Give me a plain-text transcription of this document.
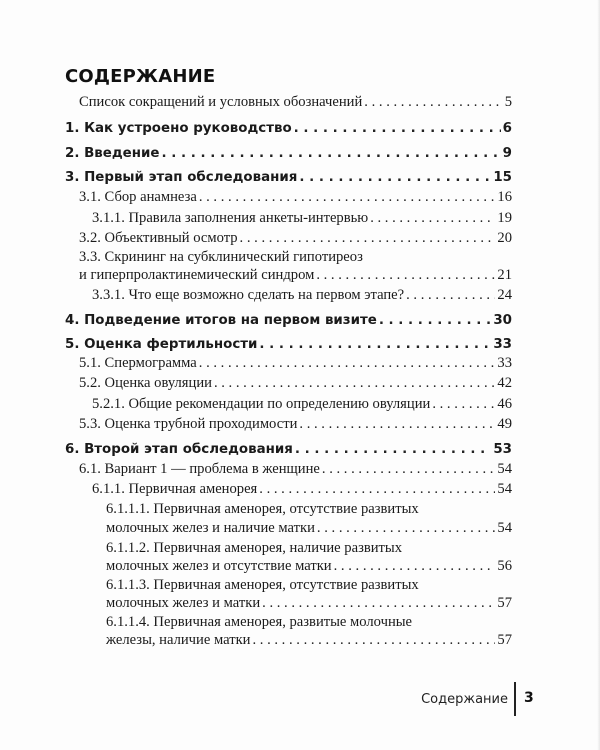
СОДЕРЖАНИЕ
Список сокращений и условных обозначений . . .	5
1. Как устроено руководство . . .	6
2. Введение . . .	9
3. Первый этап обследования . . .	15
3.1. Сбор анамнеза . . .	16
3.1.1. Правила заполнения анкеты-интервью . . .	19
3.2. Объективный осмотр . . .	20
3.3. Скрининг на субклинический гипотиреоз
и гиперпролактинемический синдром . . .	21
3.3.1. Что еще возможно сделать на первом этапе? . . .	24
4. Подведение итогов на первом визите . . .	30
5. Оценка фертильности . . .	33
5.1. Спермограмма . . .	33
5.2. Оценка овуляции . . .	42
5.2.1. Общие рекомендации по определению овуляции . . .	46
5.3. Оценка трубной проходимости . . .	49
6. Второй этап обследования . . .	53
6.1. Вариант 1 — проблема в женщине . . .	54
6.1.1. Первичная аменорея . . .	54
6.1.1.1. Первичная аменорея, отсутствие развитых
молочных желез и наличие матки . . .	54
6.1.1.2. Первичная аменорея, наличие развитых
молочных желез и отсутствие матки . . .	56
6.1.1.3. Первичная аменорея, отсутствие развитых
молочных желез и матки . . .	57
6.1.1.4. Первичная аменорея, развитые молочные
железы, наличие матки . . .	57
Содержание 3
